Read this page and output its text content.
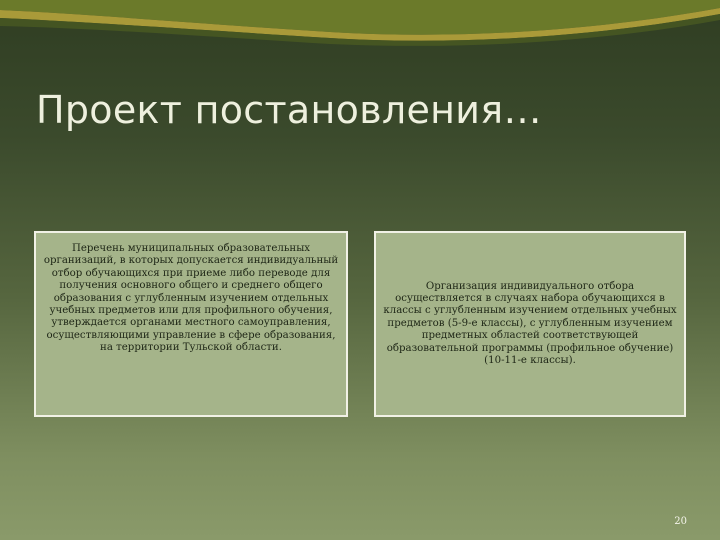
Проект постановления…
Перечень муниципальных образовательных организаций, в которых допускается индивидуальный отбор обучающихся при приеме либо переводе для получения основного общего и среднего общего образования с углубленным изучением отдельных учебных предметов или для профильного обучения, утверждается органами местного самоуправления, осуществляющими управление в сфере образования, на территории Тульской области.
Организация индивидуального отбора осуществляется в случаях набора обучающихся в классы с углубленным изучением отдельных учебных предметов (5-9-е классы), с углубленным изучением предметных областей соответствующей образовательной программы (профильное обучение) (10-11-е классы).
20
